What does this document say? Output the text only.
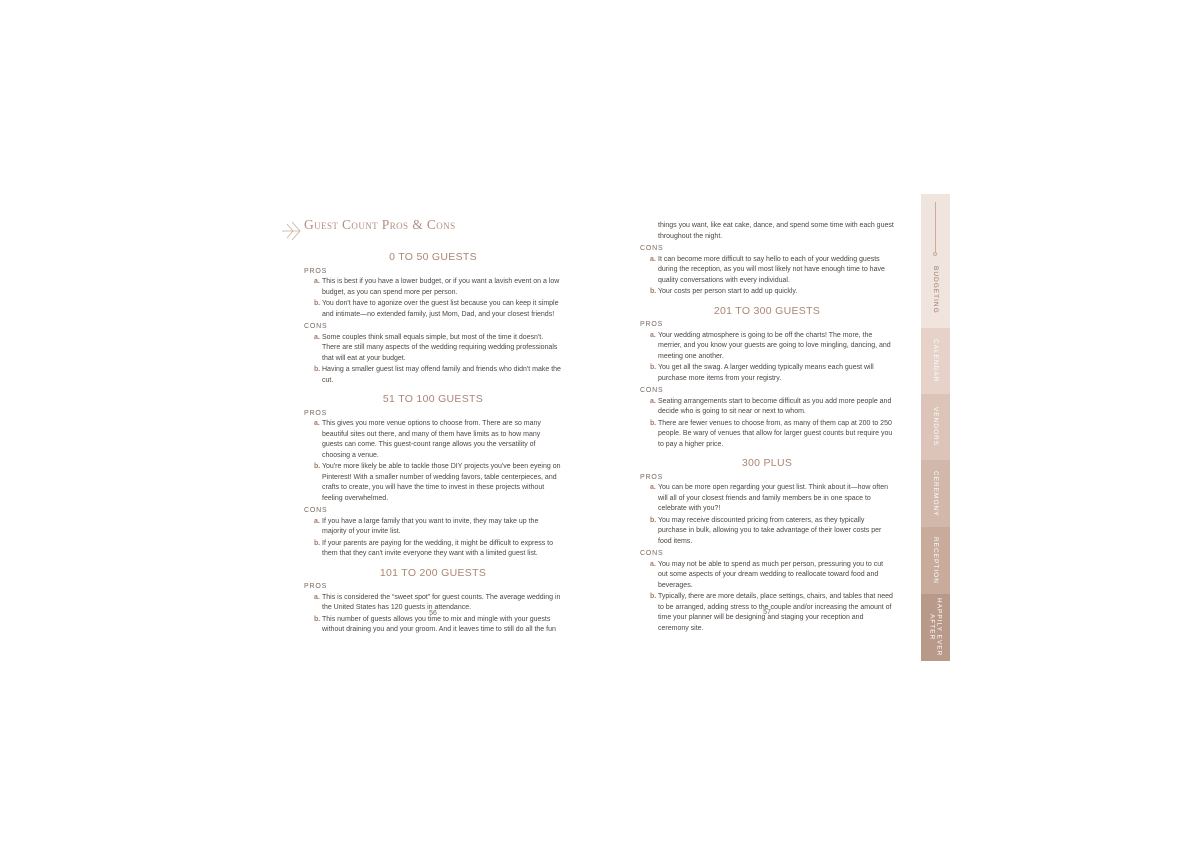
Guest Count Pros & Cons
0 TO 50 GUESTS
PROS
a. This is best if you have a lower budget, or if you want a lavish event on a low budget, as you can spend more per person.
b. You don't have to agonize over the guest list because you can keep it simple and intimate—no extended family, just Mom, Dad, and your closest friends!
CONS
a. Some couples think small equals simple, but most of the time it doesn't. There are still many aspects of the wedding requiring wedding professionals that will eat at your budget.
b. Having a smaller guest list may offend family and friends who didn't make the cut.
51 TO 100 GUESTS
PROS
a. This gives you more venue options to choose from. There are so many beautiful sites out there, and many of them have limits as to how many guests can come. This guest-count range allows you the versatility of choosing a venue.
b. You're more likely be able to tackle those DIY projects you've been eyeing on Pinterest! With a smaller number of wedding favors, table centerpieces, and crafts to create, you will have the time to invest in these projects without feeling overwhelmed.
CONS
a. If you have a large family that you want to invite, they may take up the majority of your invite list.
b. If your parents are paying for the wedding, it might be difficult to express to them that they can't invite everyone they want with a limited guest list.
101 TO 200 GUESTS
PROS
a. This is considered the “sweet spot” for guest counts. The average wedding in the United States has 120 guests in attendance.
b. This number of guests allows you time to mix and mingle with your guests without draining you and your groom. And it leaves time to still do all the fun
56
things you want, like eat cake, dance, and spend some time with each guest throughout the night.
CONS
a. It can become more difficult to say hello to each of your wedding guests during the reception, as you will most likely not have enough time to have quality conversations with every individual.
b. Your costs per person start to add up quickly.
201 TO 300 GUESTS
PROS
a. Your wedding atmosphere is going to be off the charts! The more, the merrier, and you know your guests are going to love mingling, dancing, and meeting one another.
b. You get all the swag. A larger wedding typically means each guest will purchase more items from your registry.
CONS
a. Seating arrangements start to become difficult as you add more people and decide who is going to sit near or next to whom.
b. There are fewer venues to choose from, as many of them cap at 200 to 250 people. Be wary of venues that allow for larger guest counts but require you to pay a higher price.
300 PLUS
PROS
a. You can be more open regarding your guest list. Think about it—how often will all of your closest friends and family members be in one space to celebrate with you?!
b. You may receive discounted pricing from caterers, as they typically purchase in bulk, allowing you to take advantage of their lower costs per food items.
CONS
a. You may not be able to spend as much per person, pressuring you to cut out some aspects of your dream wedding to reallocate toward food and beverages.
b. Typically, there are more details, place settings, chairs, and tables that need to be arranged, adding stress to the couple and/or increasing the amount of time your planner will be designing and staging your reception and ceremony site.
57
BUDGETING
CALENDAR
VENDORS
CEREMONY
RECEPTION
HAPPILY EVER AFTER
